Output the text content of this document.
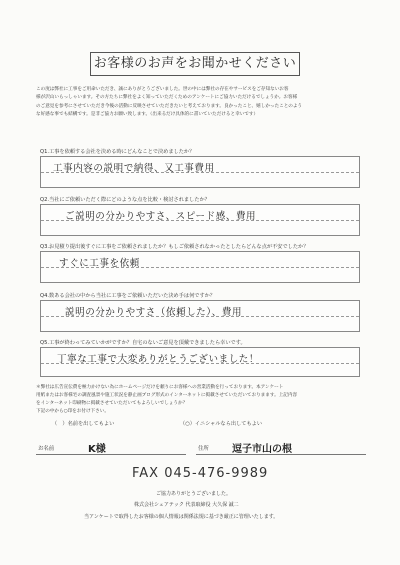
お客様のお声をお聞かせください

この度は弊社に工事をご用命いただき、誠にありがとうございました。世の中には弊社の存在やサービスをご存知ないお客

様が沢山いらっしゃいます。その方たちに弊社をよく知っていただくためのアンケートにご協力いただけるでしょうか。お客様

のご意見を参考にさせていただき今後の活動に反映させていただきたいと考えております。良かったこと、嬉しかったことのよう

な好感な事でも結構です。是非ご協力お願い致します。（出来るだけ具体的に書いていただけると幸いです）

Q1.工事を依頼する会社を決める時にどんなことで決めましたか？
工事内容の説明で納得、又工事費用
Q2.当社にご依頼いただく際にどのような点を比較・検討されましたか？
ご説明の分かりやすさ、スピード感、費用
Q3.お見積り提出後すぐに工事をご依頼されましたか？もしご依頼されなかったとしたらどんな点が不安でしたか？
すぐに工事を依頼
Q4.数ある会社の中から当社に工事をご依頼いただいた決め手は何ですか？
説明の分かりやすさ（依頼した）、費用
Q5.工事が終わってみていかがですか？自宅のないご意見を頂戴できましたら幸いです。
丁寧な工事で大変ありがとうございました！

＊弊社は広告宣伝費を極力かけない為にホームページだけを頼りにお客様への営業活動を行っております。本アンケート

用紙またはお客様宅の調査風景や施工状況を静止画ブログ形式のインターネットに掲載させていただいておりまます。上記内容

をインターネット印刷物に掲載させていただいてもよろしいでしょうか？

下記の中から○印をお付け下さい。

（　）名前を出してもよい	（○）イニシャルなら出してもよい
お名前	K様	住所 逗子市山の根
FAX 045-476-9989
ご協力ありがとうございました。
株式会社シェアテック 代表取締役 大久保 誠二
当アンケートで取得したお客様の個人情報は関係法規に基づき厳正に管理いたします。
